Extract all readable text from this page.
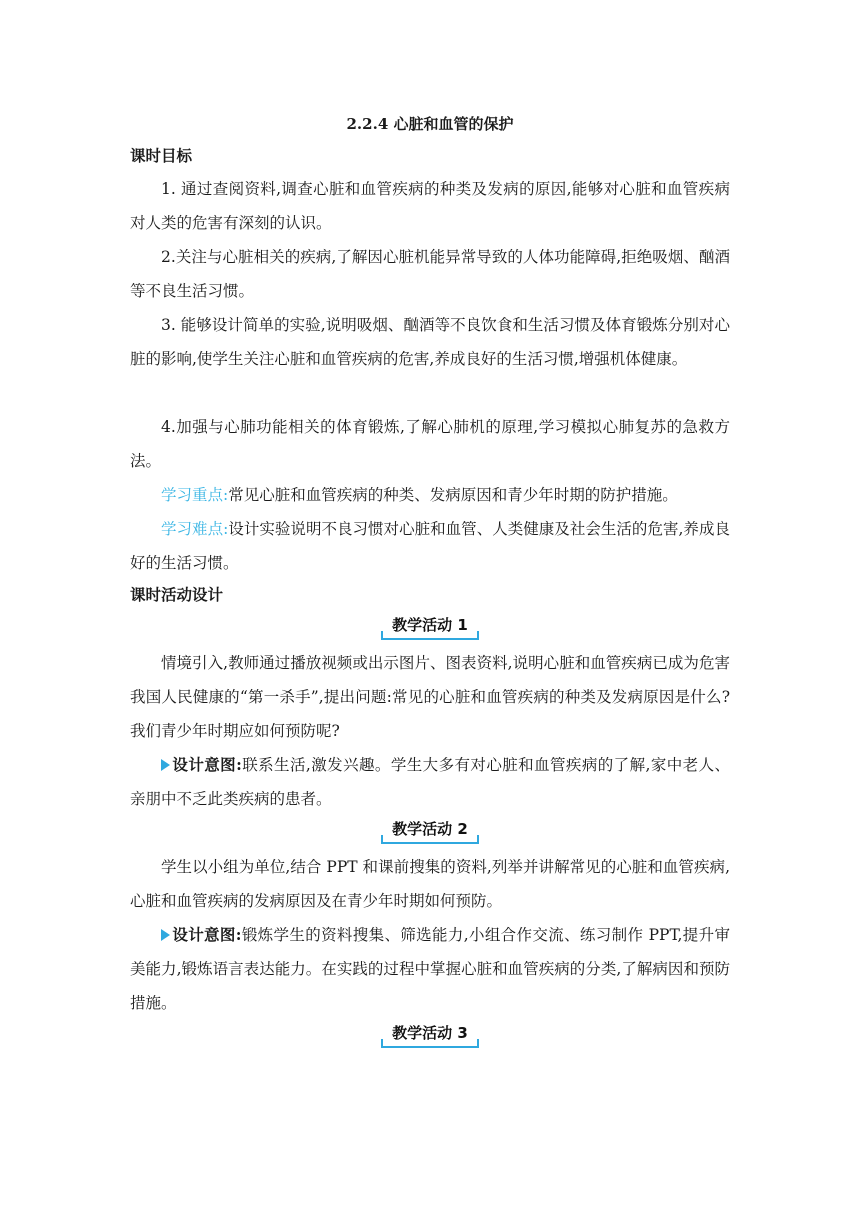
2.2.4 心脏和血管的保护
课时目标

1. 通过查阅资料,调查心脏和血管疾病的种类及发病的原因,能够对心脏和血管疾病对人类的危害有深刻的认识。

2.关注与心脏相关的疾病,了解因心脏机能异常导致的人体功能障碍,拒绝吸烟、酗酒等不良生活习惯。

3. 能够设计简单的实验,说明吸烟、酗酒等不良饮食和生活习惯及体育锻炼分别对心脏的影响,使学生关注心脏和血管疾病的危害,养成良好的生活习惯,增强机体健康。

4.加强与心肺功能相关的体育锻炼,了解心肺机的原理,学习模拟心肺复苏的急救方法。

学习重点:常见心脏和血管疾病的种类、发病原因和青少年时期的防护措施。

学习难点:设计实验说明不良习惯对心脏和血管、人类健康及社会生活的危害,养成良好的生活习惯。

课时活动设计
教学活动 1

情境引入,教师通过播放视频或出示图片、图表资料,说明心脏和血管疾病已成为危害我国人民健康的“第一杀手”,提出问题:常见的心脏和血管疾病的种类及发病原因是什么?我们青少年时期应如何预防呢?

设计意图:联系生活,激发兴趣。学生大多有对心脏和血管疾病的了解,家中老人、亲朋中不乏此类疾病的患者。

教学活动 2

学生以小组为单位,结合 PPT 和课前搜集的资料,列举并讲解常见的心脏和血管疾病,心脏和血管疾病的发病原因及在青少年时期如何预防。

设计意图:锻炼学生的资料搜集、筛选能力,小组合作交流、练习制作 PPT,提升审美能力,锻炼语言表达能力。在实践的过程中掌握心脏和血管疾病的分类,了解病因和预防措施。

教学活动 3
